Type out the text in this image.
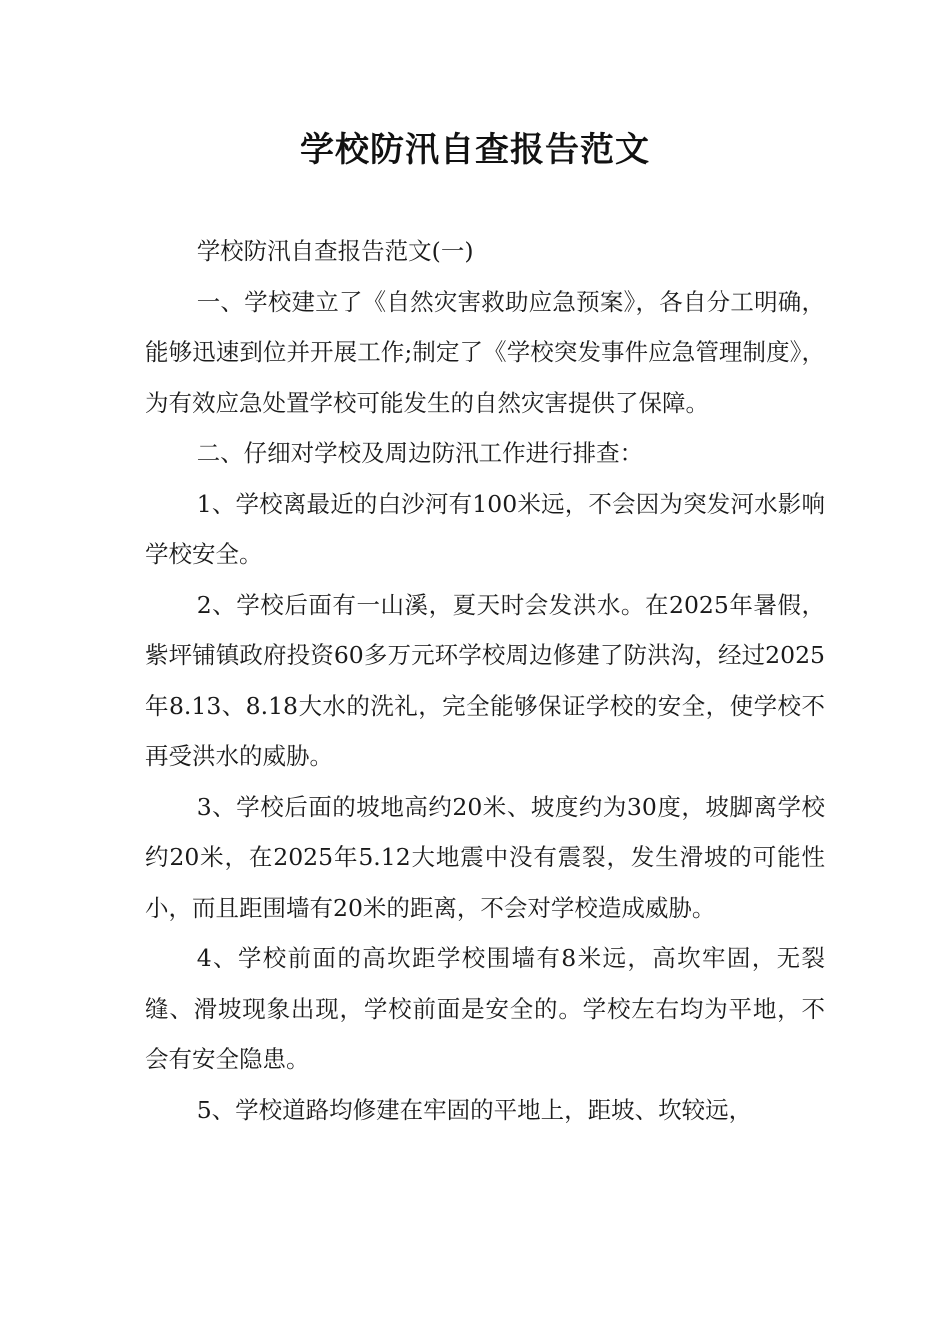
学校防汛自查报告范文

学校防汛自查报告范文(一)

一、学校建立了《自然灾害救助应急预案》，各自分工明确，能够迅速到位并开展工作;制定了《学校突发事件应急管理制度》，为有效应急处置学校可能发生的自然灾害提供了保障。

二、仔细对学校及周边防汛工作进行排查：

1、学校离最近的白沙河有100米远，不会因为突发河水影响学校安全。

2、学校后面有一山溪，夏天时会发洪水。在2025年暑假，紫坪铺镇政府投资60多万元环学校周边修建了防洪沟，经过2025年8.13、8.18大水的洗礼，完全能够保证学校的安全，使学校不再受洪水的威胁。

3、学校后面的坡地高约20米、坡度约为30度，坡脚离学校约20米，在2025年5.12大地震中没有震裂，发生滑坡的可能性小，而且距围墙有20米的距离，不会对学校造成威胁。

4、学校前面的高坎距学校围墙有8米远，高坎牢固，无裂缝、滑坡现象出现，学校前面是安全的。学校左右均为平地，不会有安全隐患。

5、学校道路均修建在牢固的平地上，距坡、坎较远，
